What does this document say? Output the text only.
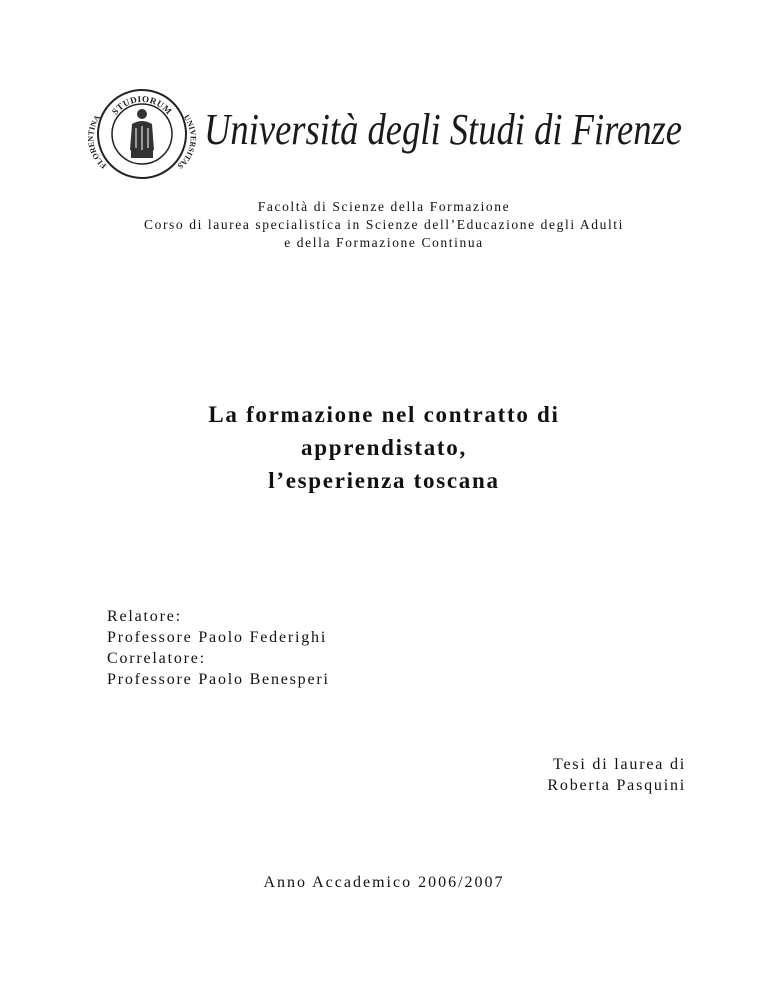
STUDIORUM
FLORENTINA	UNIVERSITAS
Università degli Studi di Firenze
Facoltà di Scienze della Formazione
Corso di laurea specialistica in Scienze dell’Educazione degli Adulti
e della Formazione Continua
La formazione nel contratto di
apprendistato,
l’esperienza toscana
Relatore:
Professore Paolo Federighi
Correlatore:
Professore Paolo Benesperi
Tesi di laurea di
Roberta Pasquini
Anno Accademico 2006/2007
